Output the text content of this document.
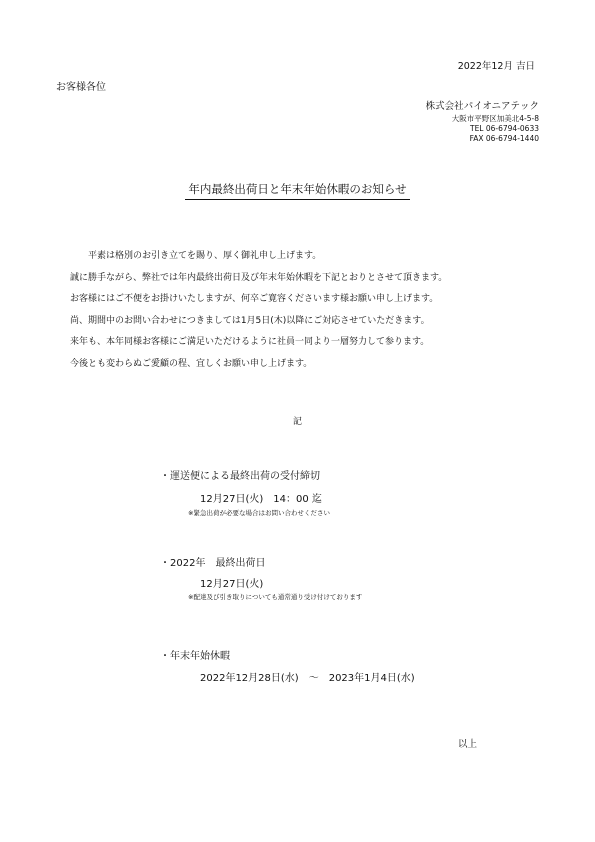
2022年12月 吉日
お客様各位
株式会社パイオニアテック
大阪市平野区加美北4-5-8
TEL 06-6794-0633
FAX 06-6794-1440
年内最終出荷日と年末年始休暇のお知らせ
平素は格別のお引き立てを賜り、厚く御礼申し上げます。
誠に勝手ながら、弊社では年内最終出荷日及び年末年始休暇を下記とおりとさせて頂きます。
お客様にはご不便をお掛けいたしますが、何卒ご寛容くださいます様お願い申し上げます。
尚、期間中のお問い合わせにつきましては1月5日(木)以降にご対応させていただきます。
来年も、本年同様お客様にご満足いただけるように社員一同より一層努力して参ります。
今後とも変わらぬご愛顧の程、宜しくお願い申し上げます。
記
・運送便による最終出荷の受付締切
12月27日(火)　14：00 迄
※緊急出荷が必要な場合はお問い合わせください
・2022年　最終出荷日
12月27日(火)
※配達及び引き取りについても通常通り受け付けております
・年末年始休暇
2022年12月28日(水)　～　2023年1月4日(水)
以上
